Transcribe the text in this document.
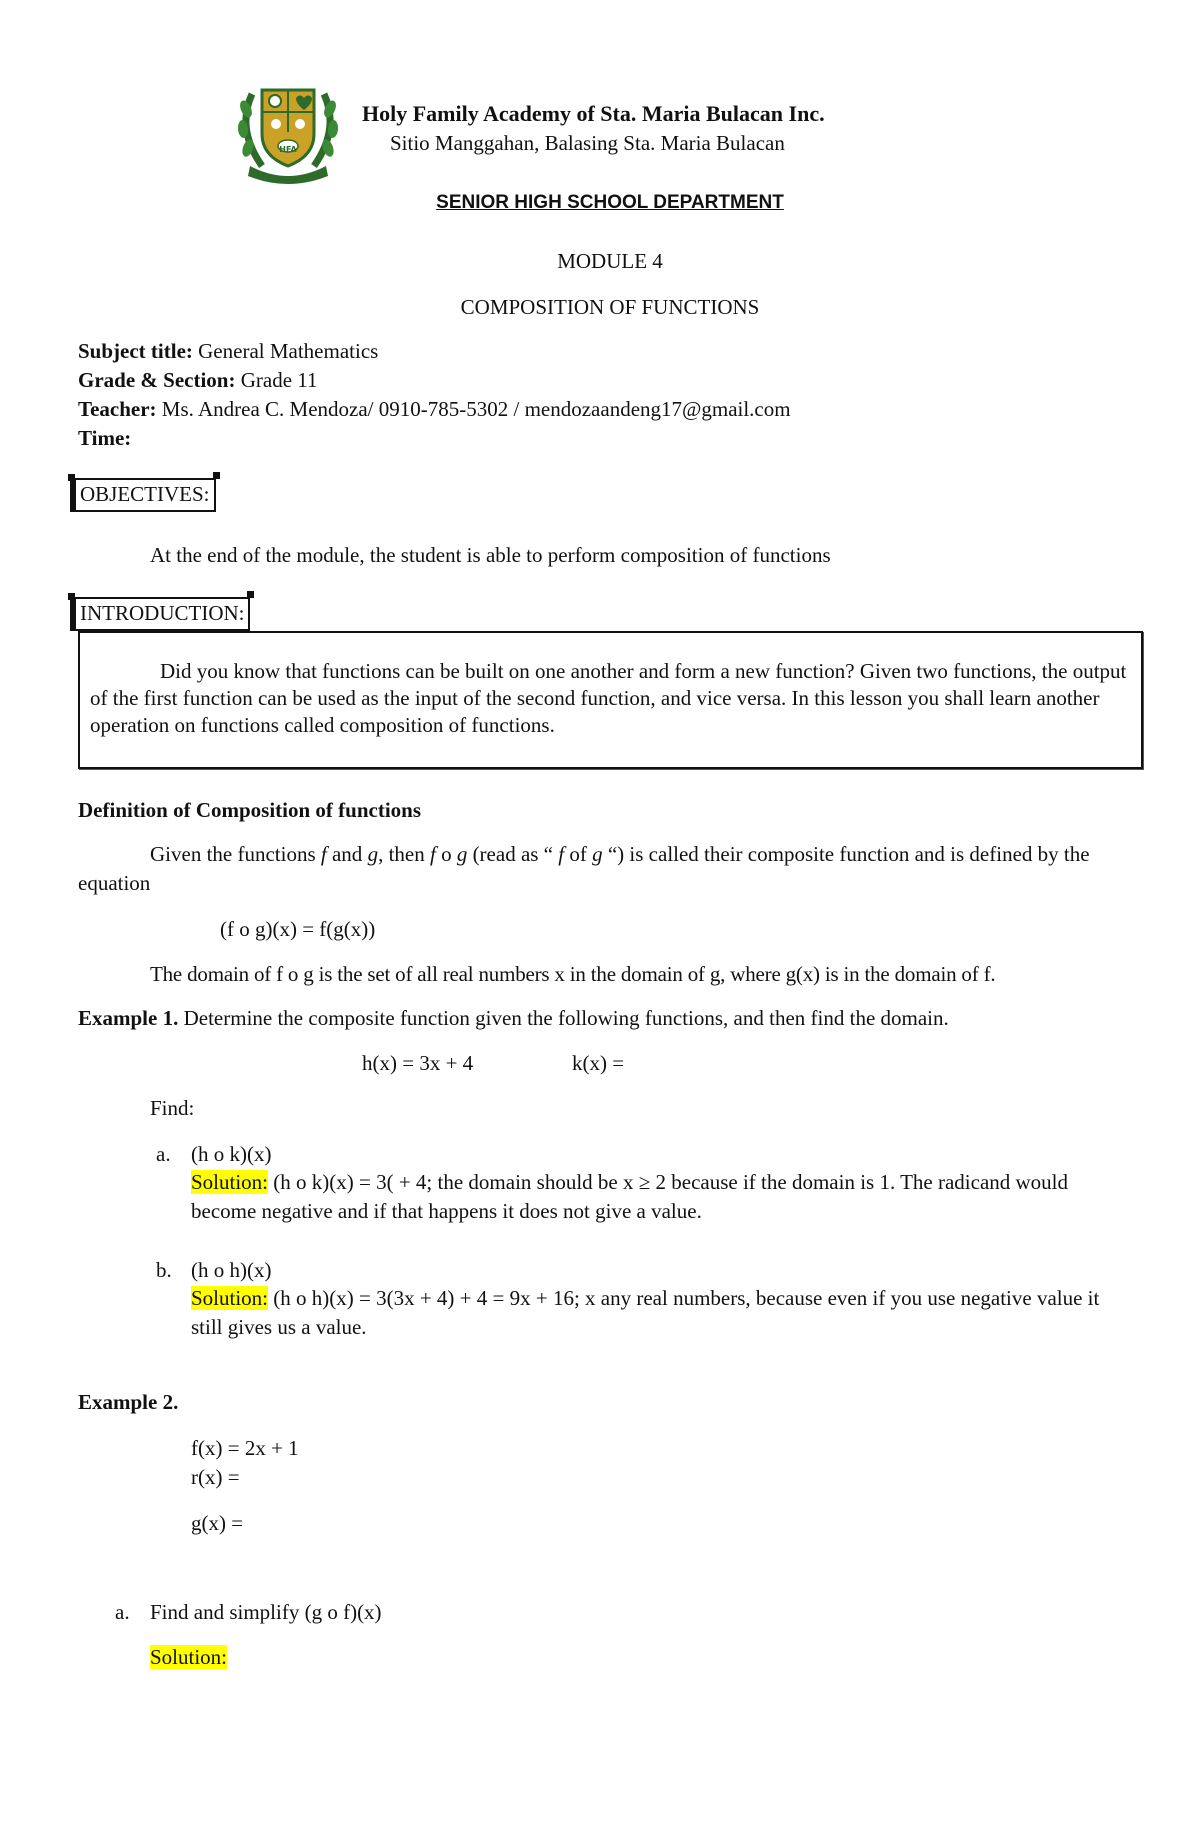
HFA
Holy Family Academy of Sta. Maria Bulacan Inc.
Sitio Manggahan, Balasing Sta. Maria Bulacan
SENIOR HIGH SCHOOL DEPARTMENT
MODULE 4
COMPOSITION OF FUNCTIONS
Subject title: General Mathematics
Grade & Section: Grade 11
Teacher: Ms. Andrea C. Mendoza/ 0910-785-5302 / mendozaandeng17@gmail.com
Time:
OBJECTIVES:
At the end of the module, the student is able to perform composition of functions
INTRODUCTION:
Did you know that functions can be built on one another and form a new function? Given two functions, the output of the first function can be used as the input of the second function, and vice versa. In this lesson you shall learn another operation on functions called composition of functions.
Definition of Composition of functions
Given the functions f and g, then f o g (read as “ f of g “) is called their composite function and is defined by the equation
(f o g)(x) = f(g(x))
The domain of f o g is the set of all real numbers x in the domain of g, where g(x) is in the domain of f.
Example 1. Determine the composite function given the following functions, and then find the domain.
h(x) = 3x + 4	k(x) =
Find:
a. (h o k)(x)
Solution: (h o k)(x) = 3( + 4; the domain should be x ≥ 2 because if the domain is 1. The radicand would become negative and if that happens it does not give a value.
b. (h o h)(x)
Solution: (h o h)(x) = 3(3x + 4) + 4 = 9x + 16; x any real numbers, because even if you use negative value it still gives us a value.
Example 2.
f(x) = 2x + 1
r(x) =
g(x) =
a. Find and simplify (g o f)(x)
Solution:
